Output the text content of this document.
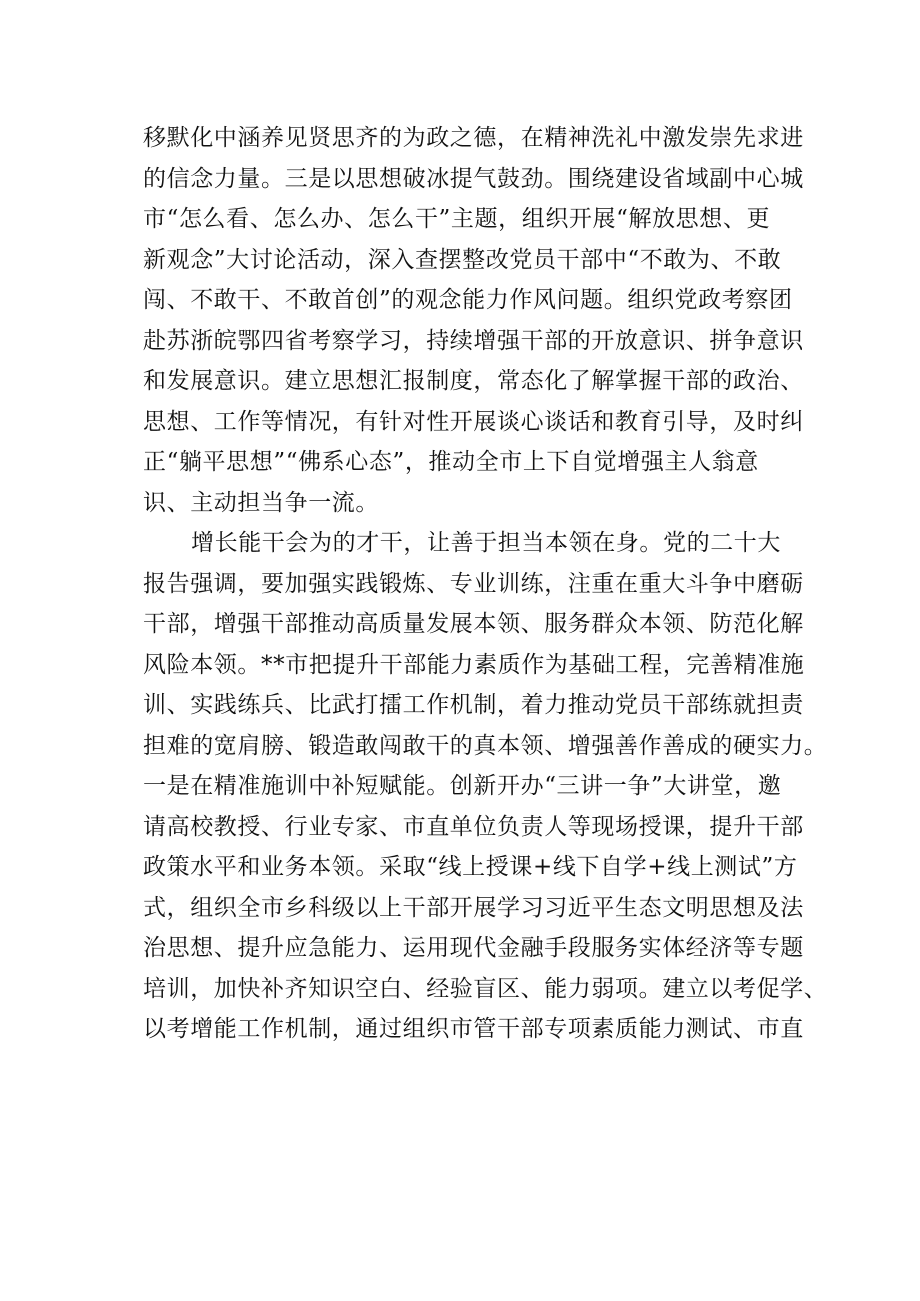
移默化中涵养见贤思齐的为政之德，在精神洗礼中激发崇先求进
的信念力量。三是以思想破冰提气鼓劲。围绕建设省域副中心城
市“怎么看、怎么办、怎么干”主题，组织开展“解放思想、更
新观念”大讨论活动，深入查摆整改党员干部中“不敢为、不敢
闯、不敢干、不敢首创”的观念能力作风问题。组织党政考察团
赴苏浙皖鄂四省考察学习，持续增强干部的开放意识、拼争意识
和发展意识。建立思想汇报制度，常态化了解掌握干部的政治、
思想、工作等情况，有针对性开展谈心谈话和教育引导，及时纠
正“躺平思想”“佛系心态”，推动全市上下自觉增强主人翁意
识、主动担当争一流。
增长能干会为的才干，让善于担当本领在身。党的二十大
报告强调，要加强实践锻炼、专业训练，注重在重大斗争中磨砺
干部，增强干部推动高质量发展本领、服务群众本领、防范化解
风险本领。**市把提升干部能力素质作为基础工程，完善精准施
训、实践练兵、比武打擂工作机制，着力推动党员干部练就担责
担难的宽肩膀、锻造敢闯敢干的真本领、增强善作善成的硬实力。
一是在精准施训中补短赋能。创新开办“三讲一争”大讲堂，邀
请高校教授、行业专家、市直单位负责人等现场授课，提升干部
政策水平和业务本领。采取“线上授课+线下自学+线上测试”方
式，组织全市乡科级以上干部开展学习习近平生态文明思想及法
治思想、提升应急能力、运用现代金融手段服务实体经济等专题
培训，加快补齐知识空白、经验盲区、能力弱项。建立以考促学、
以考增能工作机制，通过组织市管干部专项素质能力测试、市直
